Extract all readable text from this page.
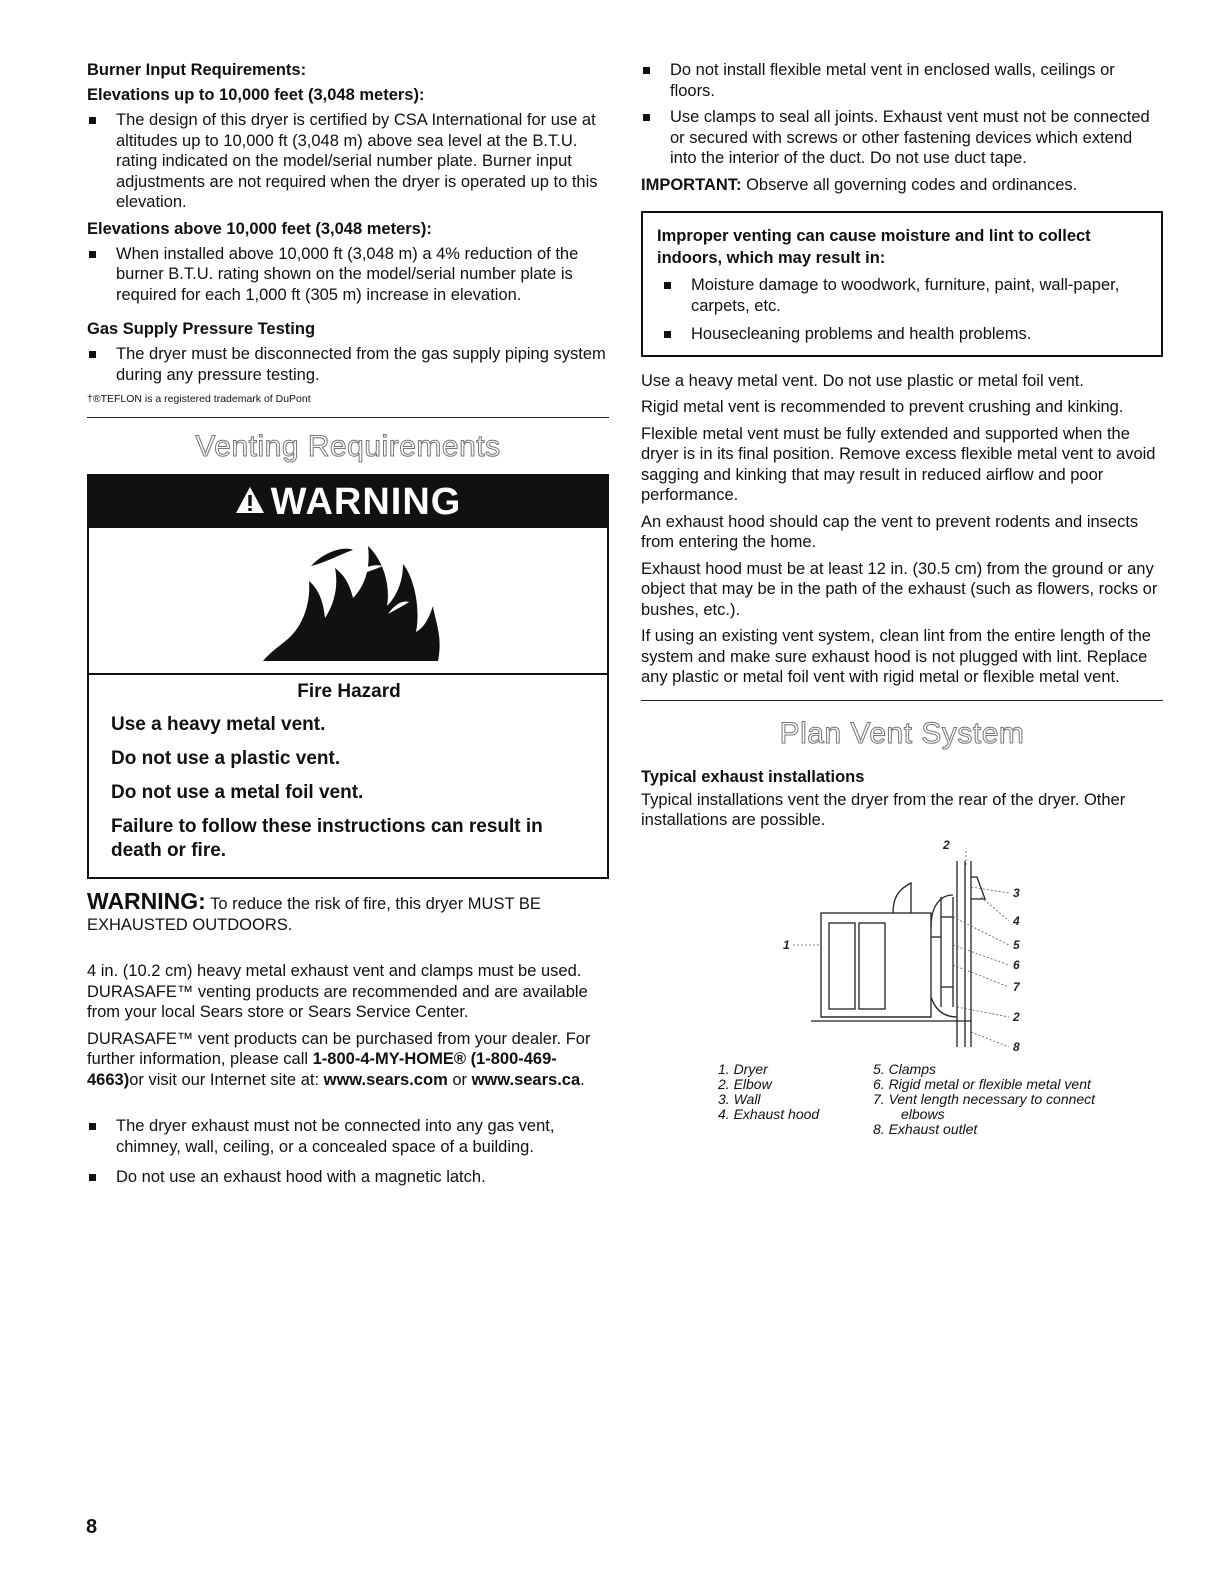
Burner Input Requirements:
Elevations up to 10,000 feet (3,048 meters):
The design of this dryer is certified by CSA International for use at altitudes up to 10,000 ft (3,048 m) above sea level at the B.T.U. rating indicated on the model/serial number plate. Burner input adjustments are not required when the dryer is operated up to this elevation.
Elevations above 10,000 feet (3,048 meters):
When installed above 10,000 ft (3,048 m) a 4% reduction of the burner B.T.U. rating shown on the model/serial number plate is required for each 1,000 ft (305 m) increase in elevation.
Gas Supply Pressure Testing
The dryer must be disconnected from the gas supply piping system during any pressure testing.
†®TEFLON is a registered trademark of DuPont
Venting Requirements
WARNING
Fire Hazard
Use a heavy metal vent.
Do not use a plastic vent.
Do not use a metal foil vent.
Failure to follow these instructions can result in death or fire.

WARNING: To reduce the risk of fire, this dryer MUST BE EXHAUSTED OUTDOORS.

4 in. (10.2 cm) heavy metal exhaust vent and clamps must be used. DURASAFE™ venting products are recommended and are available from your local Sears store or Sears Service Center.

DURASAFE™ vent products can be purchased from your dealer. For further information, please call 1-800-4-MY-HOME® (1-800-469-4663)or visit our Internet site at: www.sears.com or www.sears.ca.

The dryer exhaust must not be connected into any gas vent, chimney, wall, ceiling, or a concealed space of a building.
Do not use an exhaust hood with a magnetic latch.
Do not install flexible metal vent in enclosed walls, ceilings or floors.
Use clamps to seal all joints. Exhaust vent must not be connected or secured with screws or other fastening devices which extend into the interior of the duct. Do not use duct tape.

IMPORTANT: Observe all governing codes and ordinances.

Improper venting can cause moisture and lint to collect indoors, which may result in:
Moisture damage to woodwork, furniture, paint, wall-paper, carpets, etc.
Housecleaning problems and health problems.

Use a heavy metal vent. Do not use plastic or metal foil vent.

Rigid metal vent is recommended to prevent crushing and kinking.

Flexible metal vent must be fully extended and supported when the dryer is in its final position. Remove excess flexible metal vent to avoid sagging and kinking that may result in reduced airflow and poor performance.

An exhaust hood should cap the vent to prevent rodents and insects from entering the home.

Exhaust hood must be at least 12 in. (30.5 cm) from the ground or any object that may be in the path of the exhaust (such as flowers, rocks or bushes, etc.).

If using an existing vent system, clean lint from the entire length of the system and make sure exhaust hood is not plugged with lint. Replace any plastic or metal foil vent with rigid metal or flexible metal vent.

Plan Vent System
Typical exhaust installations

Typical installations vent the dryer from the rear of the dryer. Other installations are possible.

1
2
3
4
5
6
7
2
8
1. Dryer
2. Elbow
3. Wall
4. Exhaust hood
5. Clamps
6. Rigid metal or flexible metal vent
7. Vent length necessary to connect
elbows
8. Exhaust outlet
8
